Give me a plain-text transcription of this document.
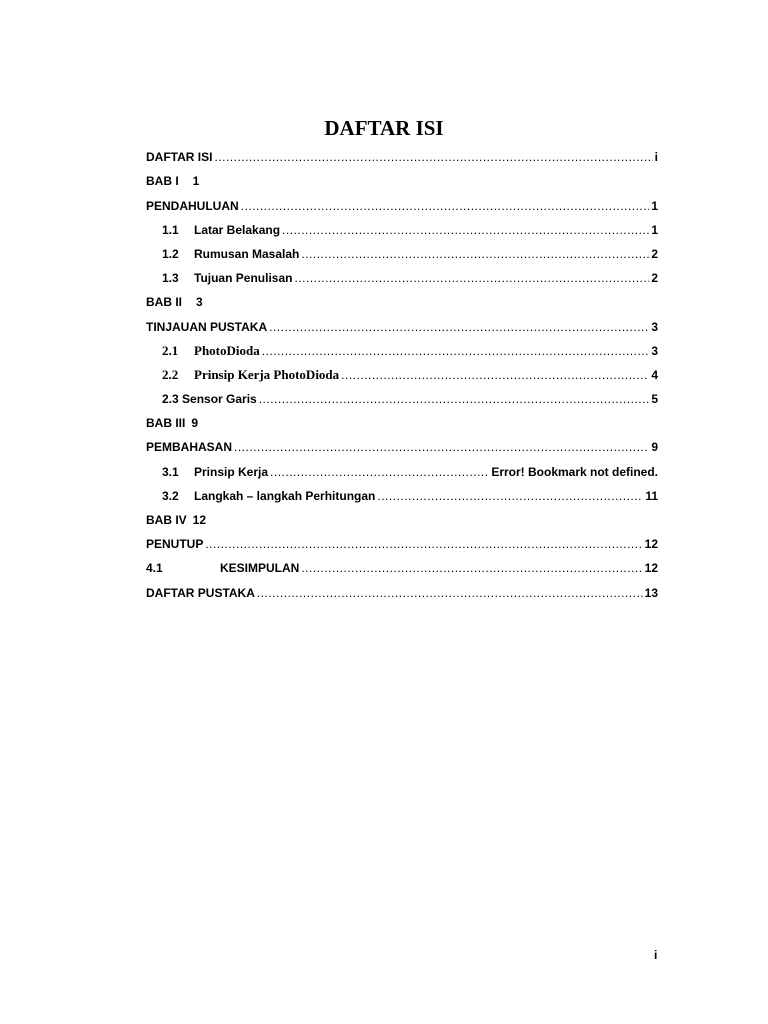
DAFTAR ISI
DAFTAR ISI .....	i
BAB I 1
PENDAHULUAN .....	1
1.1	Latar Belakang .....	1
1.2	Rumusan Masalah .....	2
1.3	Tujuan Penulisan .....	2
BAB II 3
TINJAUAN PUSTAKA .....	3
2.1	PhotoDioda .....	3
2.2	Prinsip Kerja PhotoDioda .....	4
2.3 Sensor Garis .....	5
BAB III 9
PEMBAHASAN .....	9
3.1	Prinsip Kerja .....	Error! Bookmark not defined.
3.2	Langkah – langkah Perhitungan .....	11
BAB IV 12
PENUTUP .....	12
4.1	KESIMPULAN .....	12
DAFTAR PUSTAKA .....	13
i
